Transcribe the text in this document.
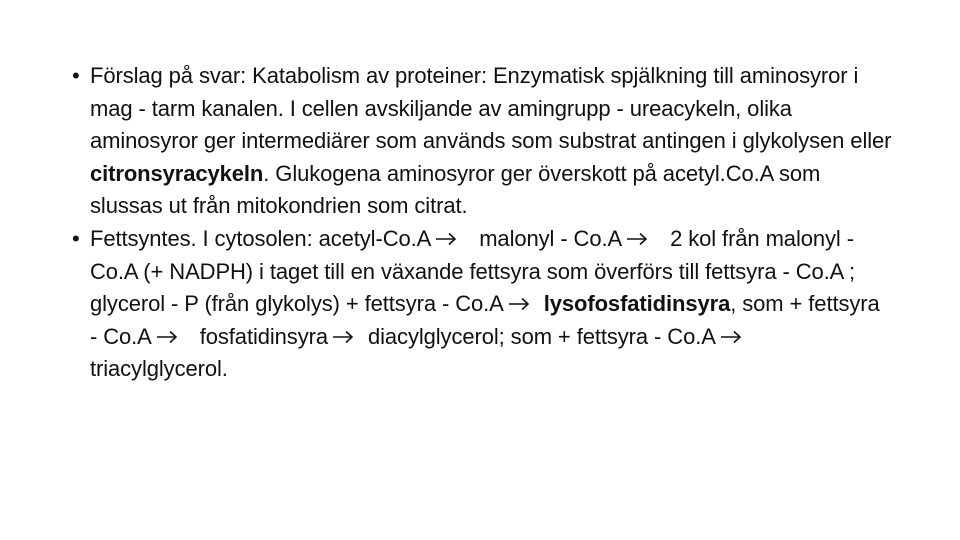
• Förslag på svar: Katabolism av proteiner: Enzymatisk spjälkning till aminosyror i mag - tarm kanalen. I cellen avskiljande av amingrupp - ureacykeln, olika aminosyror ger intermediärer som används som substrat antingen i glykolysen eller citronsyracykeln. Glukogena aminosyror ger överskott på acetyl.Co.A som slussas ut från mitokondrien som citrat.

• Fettsyntes. I cytosolen: acetyl-Co.A malonyl - Co.A 2 kol från malonyl - Co.A (+ NADPH) i taget till en växande fettsyra som överförs till fettsyra - Co.A ; glycerol - P (från glykolys) + fettsyra - Co.A lysofosfatidinsyra, som + fettsyra - Co.A fosfatidinsyra diacylglycerol; som + fettsyra - Co.A
triacylglycerol.
